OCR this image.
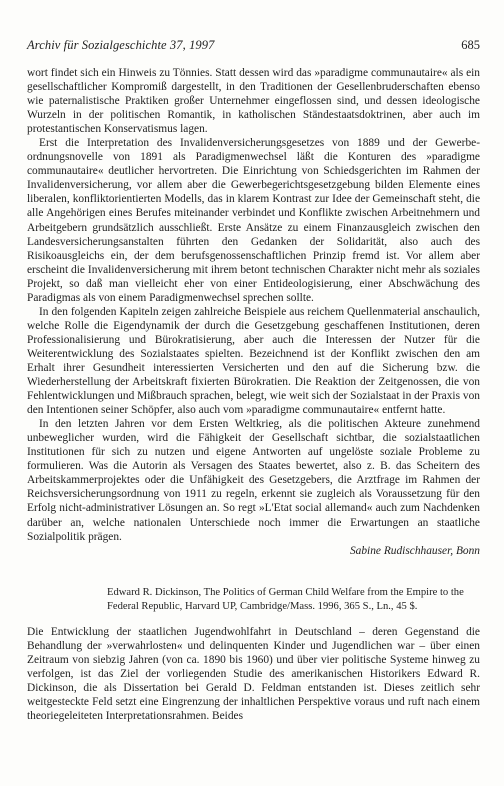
Archiv für Sozialgeschichte 37, 1997	685

wort findet sich ein Hinweis zu Tönnies. Statt dessen wird das »paradigme communautaire« als ein gesellschaftlicher Kompromiß dargestellt, in den Traditionen der Gesellenbruderschaften ebenso wie paternalistische Praktiken großer Unternehmer eingeflossen sind, und dessen ideologische Wurzeln in der politischen Romantik, in katholischen Ständestaatsdoktrinen, aber auch im protestantischen Konservatismus lagen.

Erst die Interpretation des Invalidenversicherungsgesetzes von 1889 und der Gewerbeordnungsnovelle von 1891 als Paradigmenwechsel läßt die Konturen des »paradigme communautaire« deutlicher hervortreten. Die Einrichtung von Schiedsgerichten im Rahmen der Invalidenversicherung, vor allem aber die Gewerbegerichtsgesetzgebung bilden Elemente eines liberalen, konfliktorientierten Modells, das in klarem Kontrast zur Idee der Gemeinschaft steht, die alle Angehörigen eines Berufes miteinander verbindet und Konflikte zwischen Arbeitnehmern und Arbeitgebern grundsätzlich ausschließt. Erste Ansätze zu einem Finanzausgleich zwischen den Landesversicherungsanstalten führten den Gedanken der Solidarität, also auch des Risikoausgleichs ein, der dem berufsgenossenschaftlichen Prinzip fremd ist. Vor allem aber erscheint die Invalidenversicherung mit ihrem betont technischen Charakter nicht mehr als soziales Projekt, so daß man vielleicht eher von einer Entideologisierung, einer Abschwächung des Paradigmas als von einem Paradigmenwechsel sprechen sollte.

In den folgenden Kapiteln zeigen zahlreiche Beispiele aus reichem Quellenmaterial anschaulich, welche Rolle die Eigendynamik der durch die Gesetzgebung geschaffenen Institutionen, deren Professionalisierung und Bürokratisierung, aber auch die Interessen der Nutzer für die Weiterentwicklung des Sozialstaates spielten. Bezeichnend ist der Konflikt zwischen den am Erhalt ihrer Gesundheit interessierten Versicherten und den auf die Sicherung bzw. die Wiederherstellung der Arbeitskraft fixierten Bürokratien. Die Reaktion der Zeitgenossen, die von Fehlentwicklungen und Mißbrauch sprachen, belegt, wie weit sich der Sozialstaat in der Praxis von den Intentionen seiner Schöpfer, also auch vom »paradigme communautaire« entfernt hatte.

In den letzten Jahren vor dem Ersten Weltkrieg, als die politischen Akteure zunehmend unbeweglicher wurden, wird die Fähigkeit der Gesellschaft sichtbar, die sozialstaatlichen Institutionen für sich zu nutzen und eigene Antworten auf ungelöste soziale Probleme zu formulieren. Was die Autorin als Versagen des Staates bewertet, also z. B. das Scheitern des Arbeitskammerprojektes oder die Unfähigkeit des Gesetzgebers, die Arztfrage im Rahmen der Reichsversicherungsordnung von 1911 zu regeln, erkennt sie zugleich als Voraussetzung für den Erfolg nicht-administrativer Lösungen an. So regt »L'Etat social allemand« auch zum Nachdenken darüber an, welche nationalen Unterschiede noch immer die Erwartungen an staatliche Sozialpolitik prägen.

Sabine Rudischhauser, Bonn

Edward R. Dickinson, The Politics of German Child Welfare from the Empire to the Federal Republic, Harvard UP, Cambridge/Mass. 1996, 365 S., Ln., 45 $.

Die Entwicklung der staatlichen Jugendwohlfahrt in Deutschland – deren Gegenstand die Behandlung der »verwahrlosten« und delinquenten Kinder und Jugendlichen war – über einen Zeitraum von siebzig Jahren (von ca. 1890 bis 1960) und über vier politische Systeme hinweg zu verfolgen, ist das Ziel der vorliegenden Studie des amerikanischen Historikers Edward R. Dickinson, die als Dissertation bei Gerald D. Feldman entstanden ist. Dieses zeitlich sehr weitgesteckte Feld setzt eine Eingrenzung der inhaltlichen Perspektive voraus und ruft nach einem theoriegeleiteten Interpretationsrahmen. Beides
